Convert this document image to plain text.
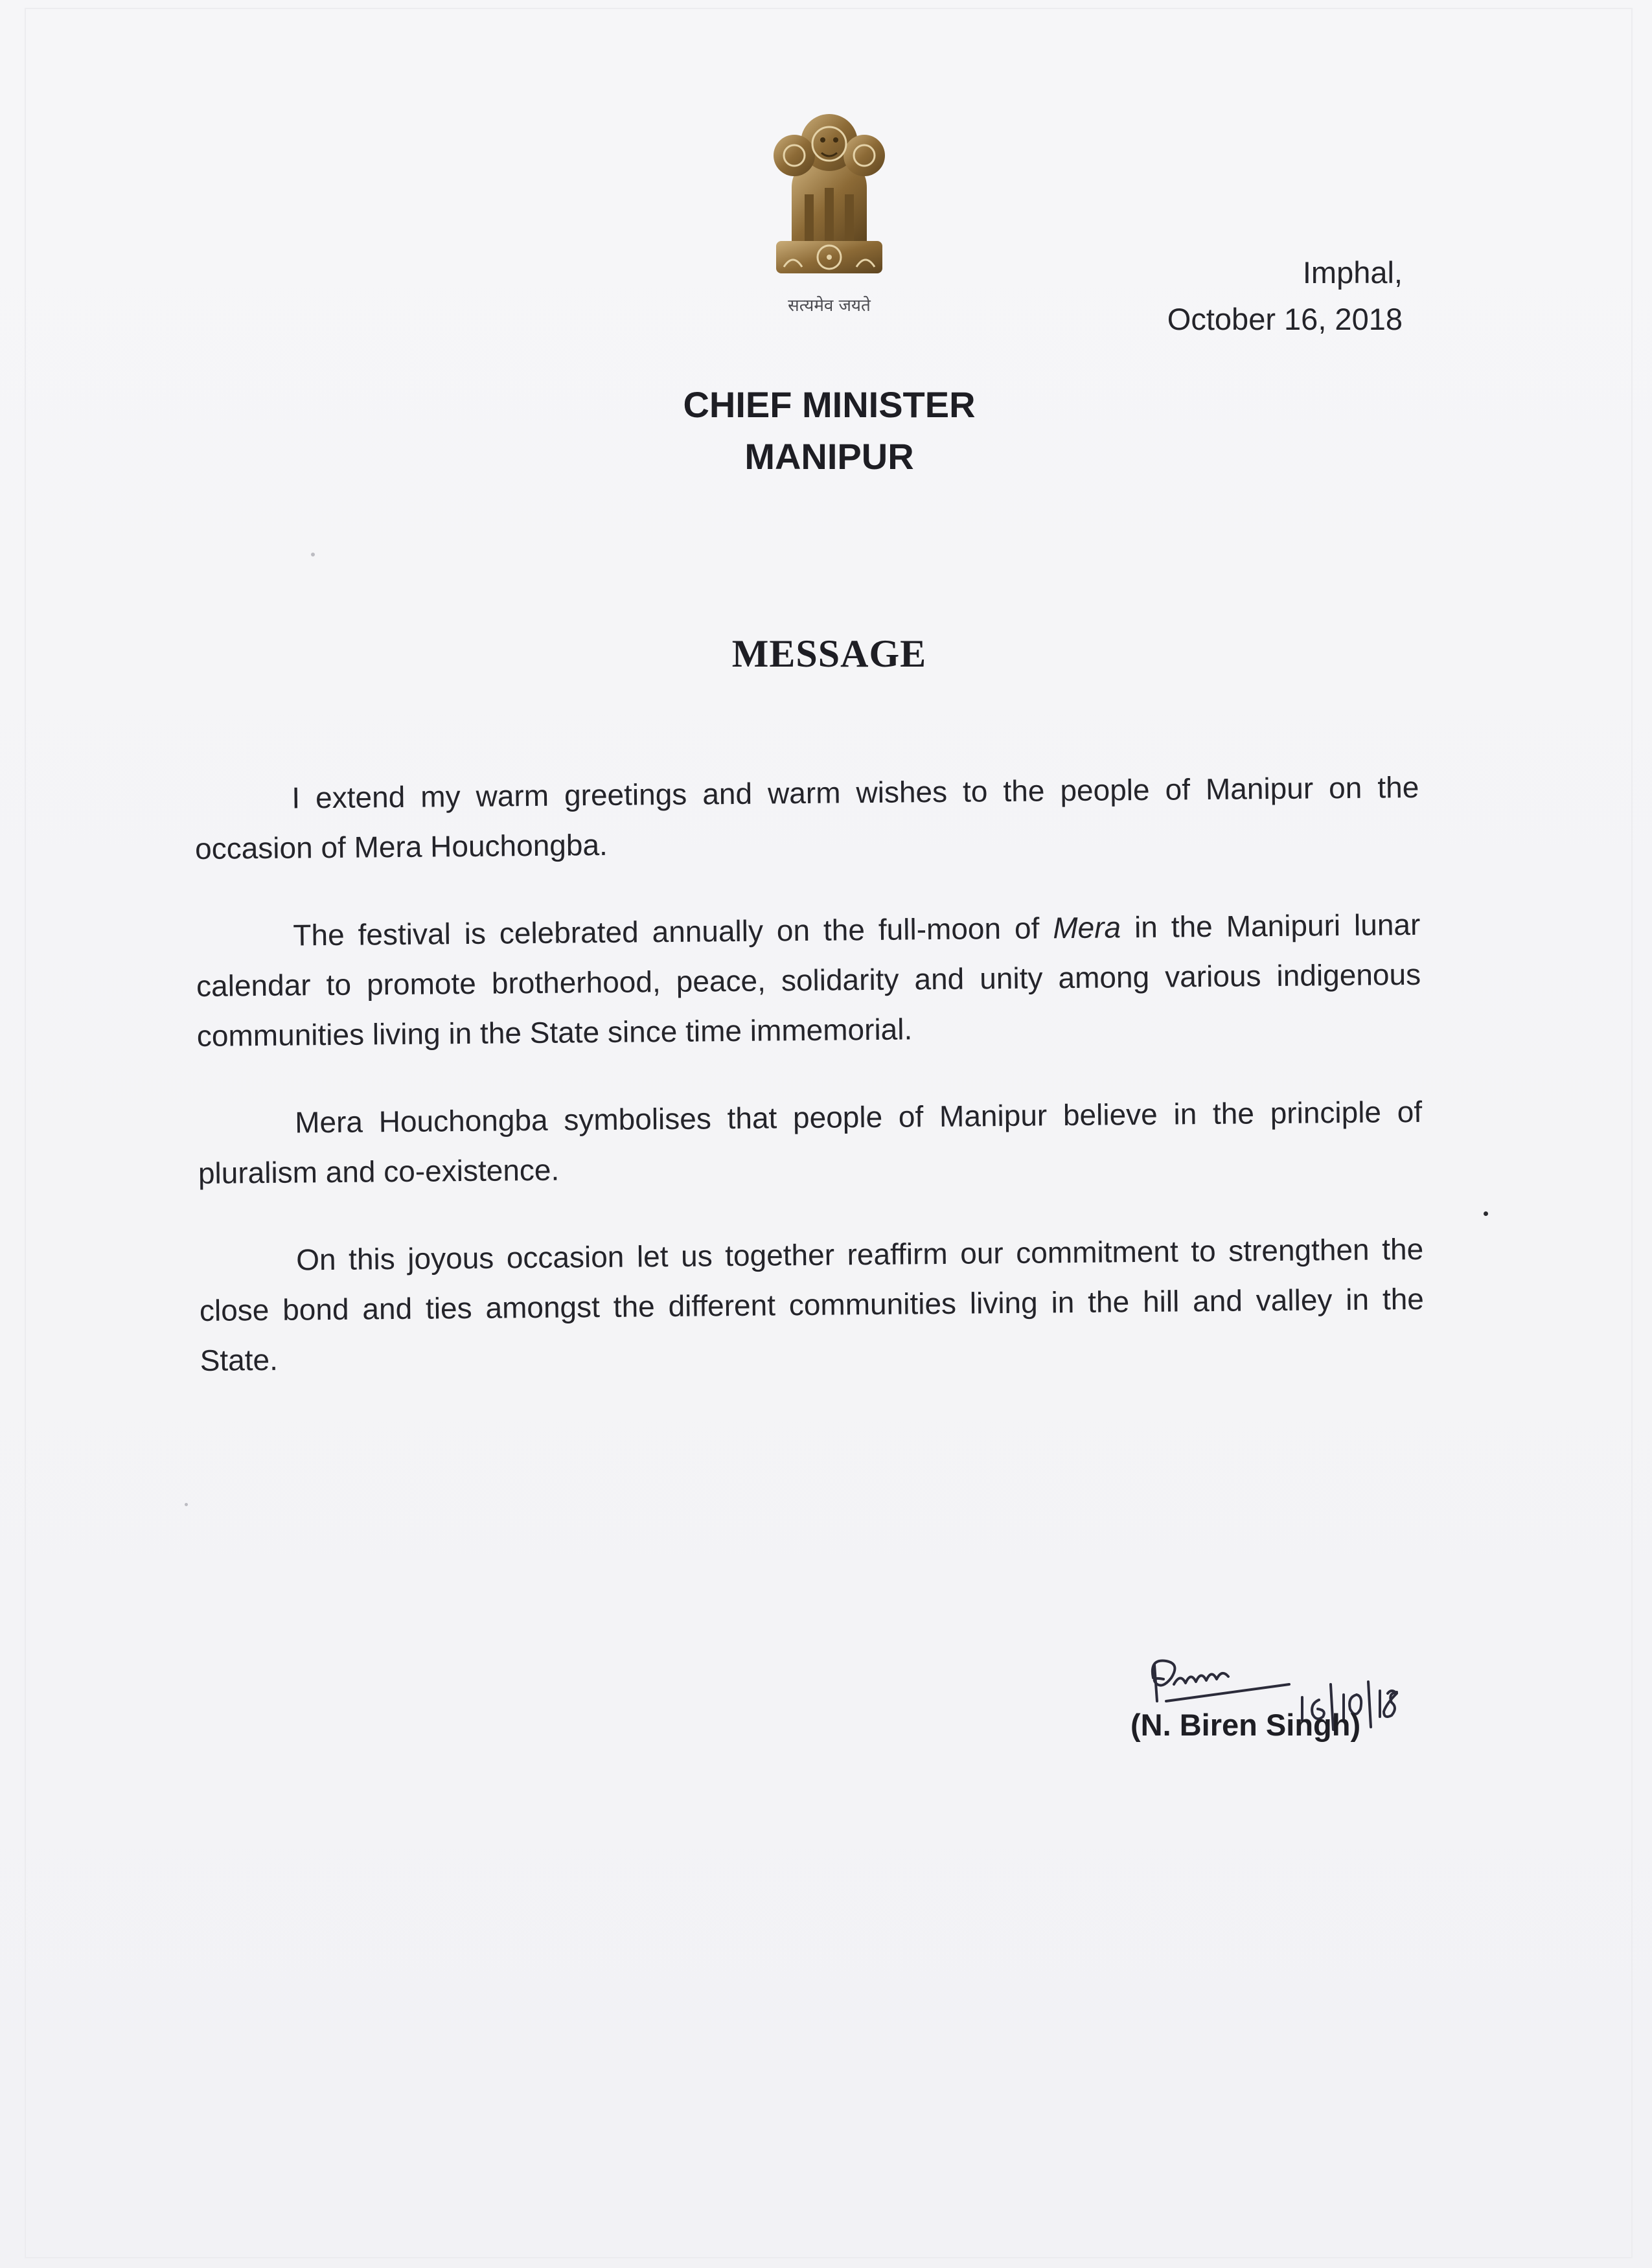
सत्यमेव जयते
Imphal,
October 16, 2018
CHIEF MINISTER
MANIPUR
MESSAGE

I extend my warm greetings and warm wishes to the people of Manipur on the occasion of Mera Houchongba.

The festival is celebrated annually on the full-moon of Mera in the Manipuri lunar calendar to promote brotherhood, peace, solidarity and unity among various indigenous communities living in the State since time immemorial.

Mera Houchongba symbolises that people of Manipur believe in the principle of pluralism and co-existence.

On this joyous occasion let us together reaffirm our commitment to strengthen the close bond and ties amongst the different communities living in the hill and valley in the State.

(N. Biren Singh)
